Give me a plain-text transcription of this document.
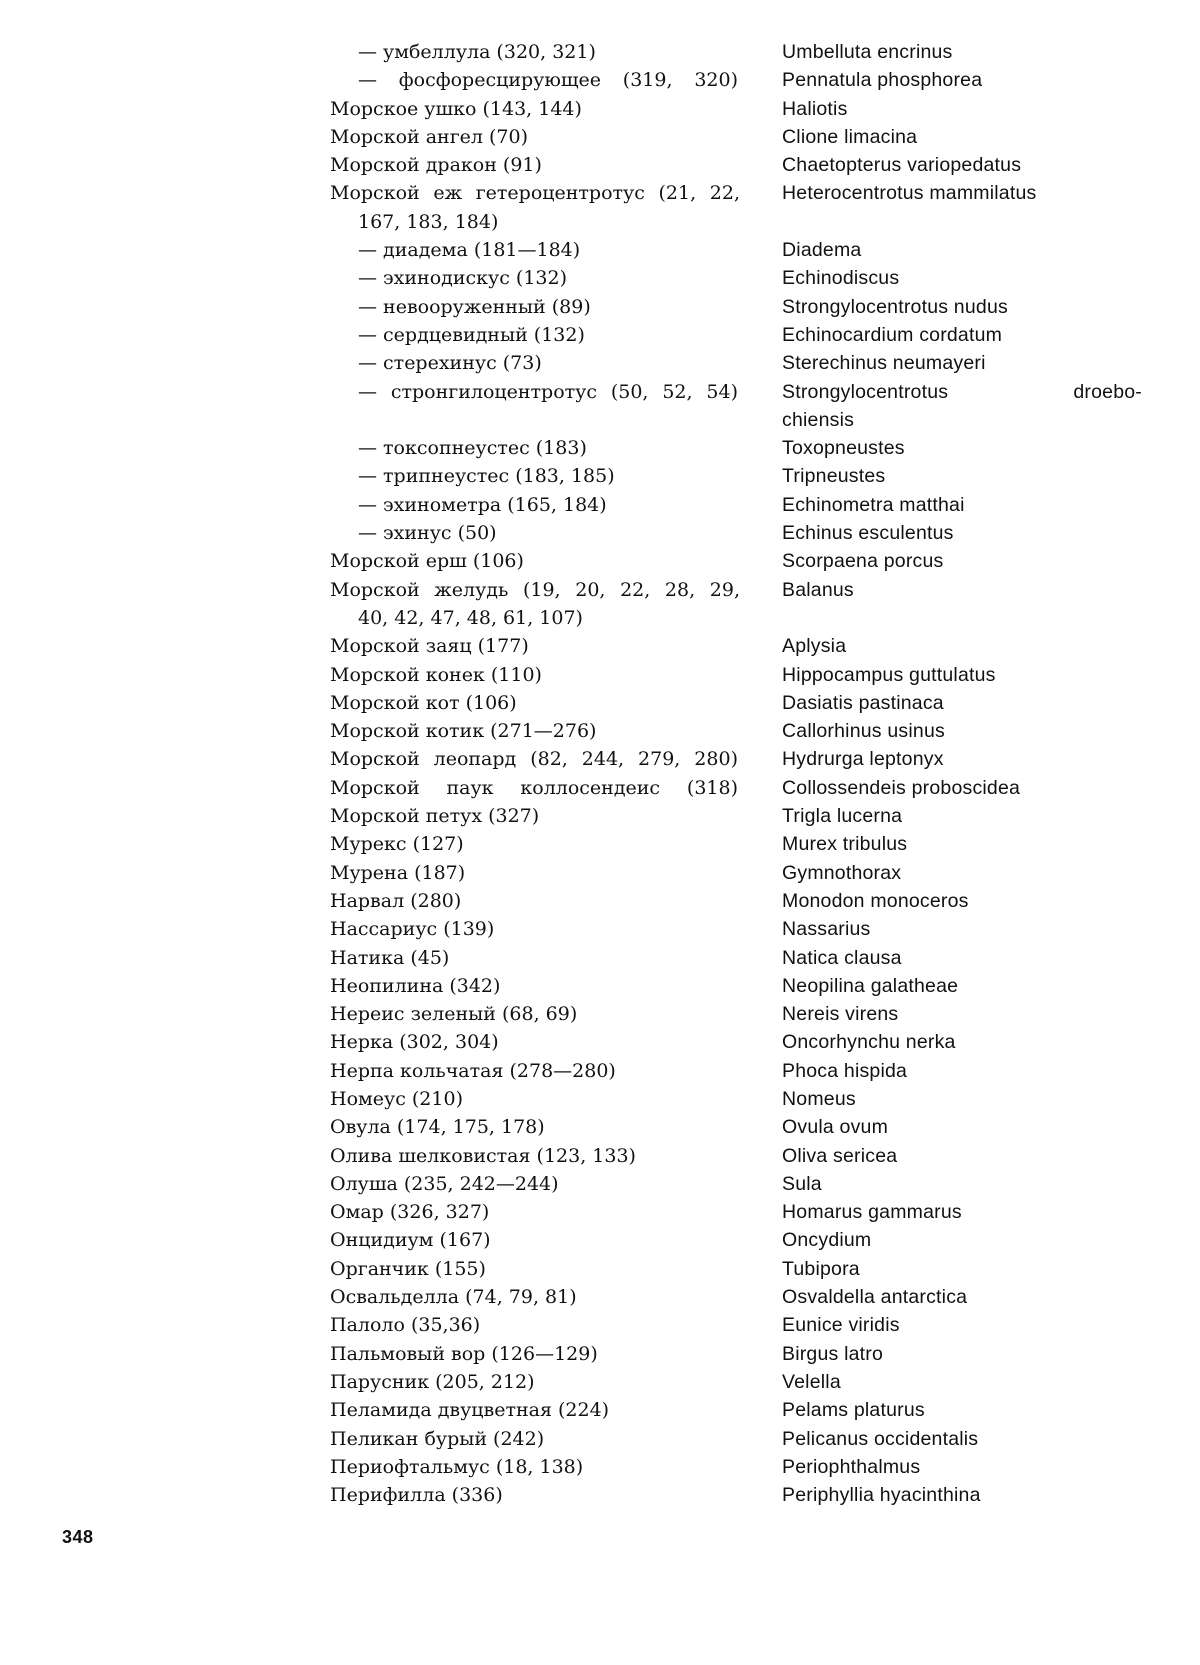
— умбеллула (320, 321)	Umbelluta encrinus
— фосфоресцирующее (319, 320) Pennatula phosphorea
Морское ушко (143, 144)	Haliotis
Морской ангел (70)	Clione limacina
Морской дракон (91)	Chaetopterus variopedatus
Морской еж гетероцентротус (21, 22,
167, 183, 184)
Heterocentrotus mammilatus
— диадема (181—184)	Diadema
— эхинодискус (132)	Echinodiscus
— невооруженный (89)	Strongylocentrotus nudus
— сердцевидный (132)	Echinocardium cordatum
— стерехинус (73)	Sterechinus neumayeri
— стронгилоцентротус (50, 52, 54) Strongylocentrotus droebo-
chiensis
— токсопнеустес (183)	Toxopneustes
— трипнеустес (183, 185)	Tripneustes
— эхинометра (165, 184)	Echinometra matthai
— эхинус (50)	Echinus esculentus
Морской ерш (106)	Scorpaena porcus
Морской желудь (19, 20, 22, 28, 29,
40, 42, 47, 48, 61, 107)
Balanus
Морской заяц (177)	Aplysia
Морской конек (110)	Hippocampus guttulatus
Морской кот (106)	Dasiatis pastinaca
Морской котик (271—276)	Callorhinus usinus
Морской леопард (82, 244, 279, 280) Hydrurga leptonyx
Морской паук коллосендеис (318) Collossendeis proboscidea
Морской петух (327)	Trigla lucerna
Мурекс (127)	Murex tribulus
Мурена (187)	Gymnothorax
Нарвал (280)	Monodon monoceros
Нассариус (139)	Nassarius
Натика (45)	Natica clausa
Неопилина (342)	Neopilina galatheae
Нереис зеленый (68, 69)	Nereis virens
Нерка (302, 304)	Oncorhynchu nerka
Нерпа кольчатая (278—280)	Phoca hispida
Номеус (210)	Nomeus
Овула (174, 175, 178)	Ovula ovum
Олива шелковистая (123, 133)	Oliva sericea
Олуша (235, 242—244)	Sula
Омар (326, 327)	Homarus gammarus
Онцидиум (167)	Oncydium
Органчик (155)	Tubipora
Освальделла (74, 79, 81)	Osvaldella antarctica
Палоло (35,36)	Eunice viridis
Пальмовый вор (126—129)	Birgus latro
Парусник (205, 212)	Velella
Пеламида двуцветная (224)	Pelams platurus
Пеликан бурый (242)	Pelicanus occidentalis
Периофтальмус (18, 138)	Periophthalmus
Перифилла (336)	Periphyllia hyacinthina
348
